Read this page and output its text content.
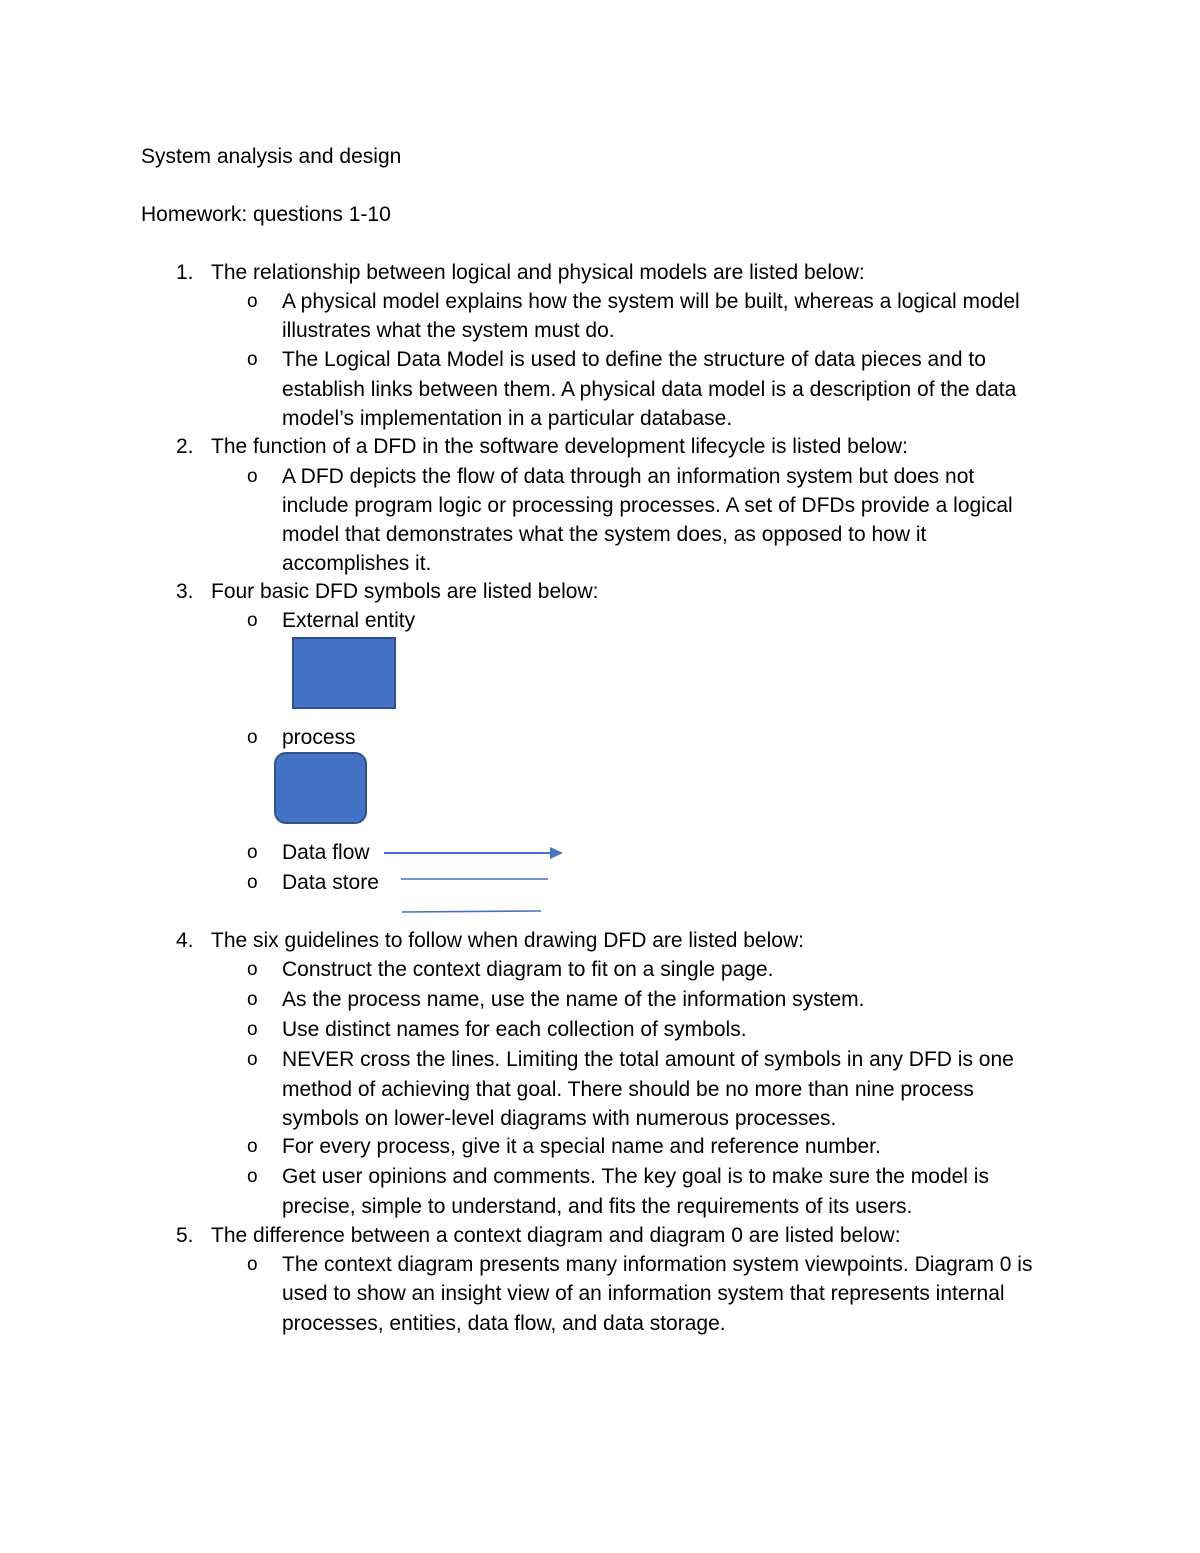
System analysis and design
Homework: questions 1-10
1. The relationship between logical and physical models are listed below:
o A physical model explains how the system will be built, whereas a logical model
illustrates what the system must do.
o The Logical Data Model is used to define the structure of data pieces and to
establish links between them. A physical data model is a description of the data
model’s implementation in a particular database.
2. The function of a DFD in the software development lifecycle is listed below:
o A DFD depicts the flow of data through an information system but does not
include program logic or processing processes. A set of DFDs provide a logical
model that demonstrates what the system does, as opposed to how it
accomplishes it.
3. Four basic DFD symbols are listed below:
o External entity
o process
o Data flow
o Data store
4. The six guidelines to follow when drawing DFD are listed below:
o Construct the context diagram to fit on a single page.
o As the process name, use the name of the information system.
o Use distinct names for each collection of symbols.
o NEVER cross the lines. Limiting the total amount of symbols in any DFD is one
method of achieving that goal. There should be no more than nine process
symbols on lower-level diagrams with numerous processes.
o For every process, give it a special name and reference number.
o Get user opinions and comments. The key goal is to make sure the model is
precise, simple to understand, and fits the requirements of its users.
5. The difference between a context diagram and diagram 0 are listed below:
o The context diagram presents many information system viewpoints. Diagram 0 is
used to show an insight view of an information system that represents internal
processes, entities, data flow, and data storage.
